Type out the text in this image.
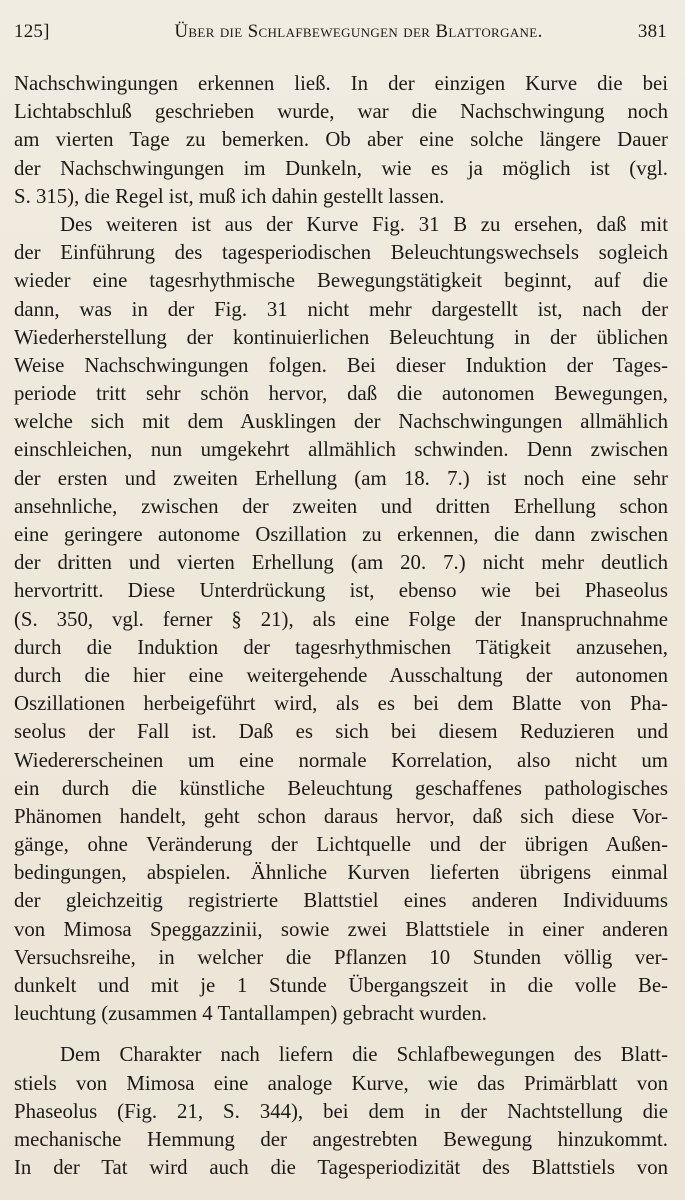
125]	Über die Schlafbewegungen der Blattorgane.	381
Nachschwingungen erkennen ließ. In der einzigen Kurve die bei
Lichtabschluß geschrieben wurde, war die Nachschwingung noch
am vierten Tage zu bemerken. Ob aber eine solche längere Dauer
der Nachschwingungen im Dunkeln, wie es ja möglich ist (vgl.
S. 315), die Regel ist, muß ich dahin gestellt lassen.
Des weiteren ist aus der Kurve Fig. 31 B zu ersehen, daß mit
der Einführung des tagesperiodischen Beleuchtungswechsels sogleich
wieder eine tagesrhythmische Bewegungstätigkeit beginnt, auf die
dann, was in der Fig. 31 nicht mehr dargestellt ist, nach der
Wiederherstellung der kontinuierlichen Beleuchtung in der üblichen
Weise Nachschwingungen folgen. Bei dieser Induktion der Tages-
periode tritt sehr schön hervor, daß die autonomen Bewegungen,
welche sich mit dem Ausklingen der Nachschwingungen allmählich
einschleichen, nun umgekehrt allmählich schwinden. Denn zwischen
der ersten und zweiten Erhellung (am 18. 7.) ist noch eine sehr
ansehnliche, zwischen der zweiten und dritten Erhellung schon
eine geringere autonome Oszillation zu erkennen, die dann zwischen
der dritten und vierten Erhellung (am 20. 7.) nicht mehr deutlich
hervortritt. Diese Unterdrückung ist, ebenso wie bei Phaseolus
(S. 350, vgl. ferner § 21), als eine Folge der Inanspruchnahme
durch die Induktion der tagesrhythmischen Tätigkeit anzusehen,
durch die hier eine weitergehende Ausschaltung der autonomen
Oszillationen herbeigeführt wird, als es bei dem Blatte von Pha-
seolus der Fall ist. Daß es sich bei diesem Reduzieren und
Wiedererscheinen um eine normale Korrelation, also nicht um
ein durch die künstliche Beleuchtung geschaffenes pathologisches
Phänomen handelt, geht schon daraus hervor, daß sich diese Vor-
gänge, ohne Veränderung der Lichtquelle und der übrigen Außen-
bedingungen, abspielen. Ähnliche Kurven lieferten übrigens einmal
der gleichzeitig registrierte Blattstiel eines anderen Individuums
von Mimosa Speggazzinii, sowie zwei Blattstiele in einer anderen
Versuchsreihe, in welcher die Pflanzen 10 Stunden völlig ver-
dunkelt und mit je 1 Stunde Übergangszeit in die volle Be-
leuchtung (zusammen 4 Tantallampen) gebracht wurden.
Dem Charakter nach liefern die Schlafbewegungen des Blatt-
stiels von Mimosa eine analoge Kurve, wie das Primärblatt von
Phaseolus (Fig. 21, S. 344), bei dem in der Nachtstellung die
mechanische Hemmung der angestrebten Bewegung hinzukommt.
In der Tat wird auch die Tagesperiodizität des Blattstiels von
